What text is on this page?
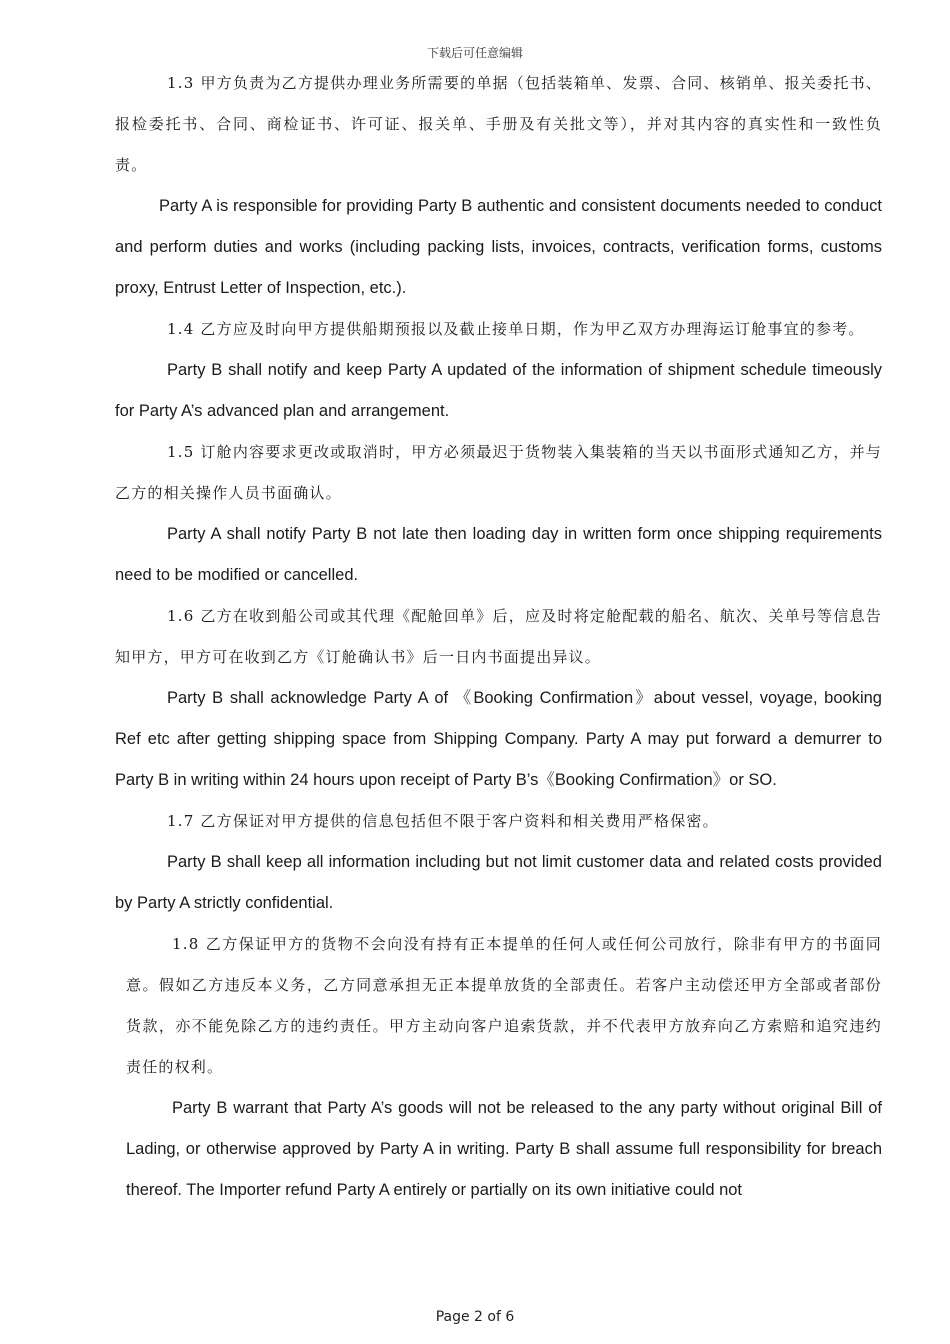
下载后可任意编辑

1.3 甲方负责为乙方提供办理业务所需要的单据（包括装箱单、发票、合同、核销单、报关委托书、报检委托书、合同、商检证书、许可证、报关单、手册及有关批文等），并对其内容的真实性和一致性负责。

Party A is responsible for providing Party B authentic and consistent documents needed to conduct and perform duties and works (including packing lists, invoices, contracts, verification forms, customs proxy, Entrust Letter of Inspection, etc.).

1.4 乙方应及时向甲方提供船期预报以及截止接单日期，作为甲乙双方办理海运订舱事宜的参考。

Party B shall notify and keep Party A updated of the information of shipment schedule timeously for Party A’s advanced plan and arrangement.

1.5 订舱内容要求更改或取消时，甲方必须最迟于货物装入集装箱的当天以书面形式通知乙方，并与乙方的相关操作人员书面确认。

Party A shall notify Party B not late then loading day in written form once shipping requirements need to be modified or cancelled.

1.6 乙方在收到船公司或其代理《配舱回单》后，应及时将定舱配载的船名、航次、关单号等信息告知甲方，甲方可在收到乙方《订舱确认书》后一日内书面提出异议。

Party B shall acknowledge Party A of 《Booking Confirmation》about vessel, voyage, booking Ref etc after getting shipping space from Shipping Company. Party A may put forward a demurrer to Party B in writing within 24 hours upon receipt of Party B’s《Booking Confirmation》or SO.

1.7 乙方保证对甲方提供的信息包括但不限于客户资料和相关费用严格保密。

Party B shall keep all information including but not limit customer data and related costs provided by Party A strictly confidential.

1.8 乙方保证甲方的货物不会向没有持有正本提单的任何人或任何公司放行，除非有甲方的书面同意。假如乙方违反本义务，乙方同意承担无正本提单放货的全部责任。若客户主动偿还甲方全部或者部份货款，亦不能免除乙方的违约责任。甲方主动向客户追索货款，并不代表甲方放弃向乙方索赔和追究违约责任的权利。

Party B warrant that Party A’s goods will not be released to the any party without original Bill of Lading, or otherwise approved by Party A in writing. Party B shall assume full responsibility for breach thereof. The Importer refund Party A entirely or partially on its own initiative could not

Page 2 of 6
